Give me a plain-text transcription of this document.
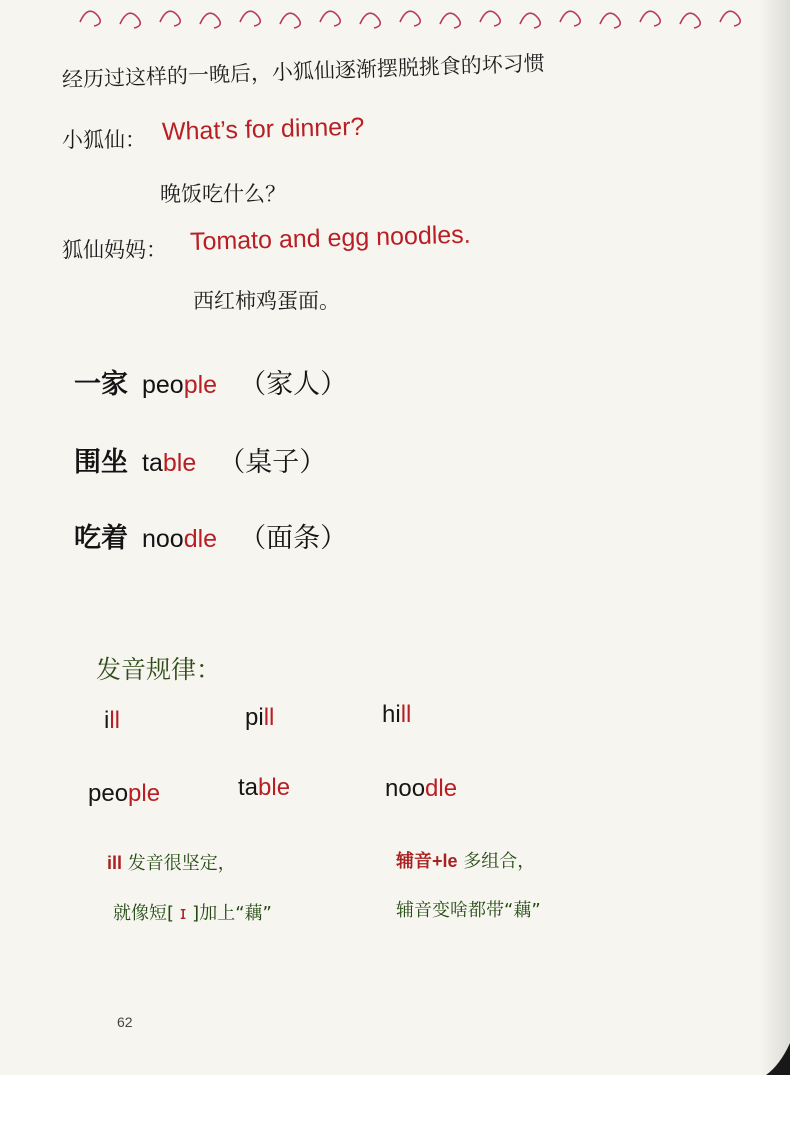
经历过这样的一晚后，小狐仙逐渐摆脱挑食的坏习惯
小狐仙： What’s for dinner?
晚饭吃什么？
狐仙妈妈： Tomato and egg noodles.
西红柿鸡蛋面。
一家 people （家人）
围坐 table （桌子）
吃着 noodle （面条）
发音规律：
ill	pill	hill
people	table	noodle
ill 发音很坚定，
就像短[ ɪ ]加上“藕”
辅音+le 多组合，
辅音变啥都带“藕”
62
